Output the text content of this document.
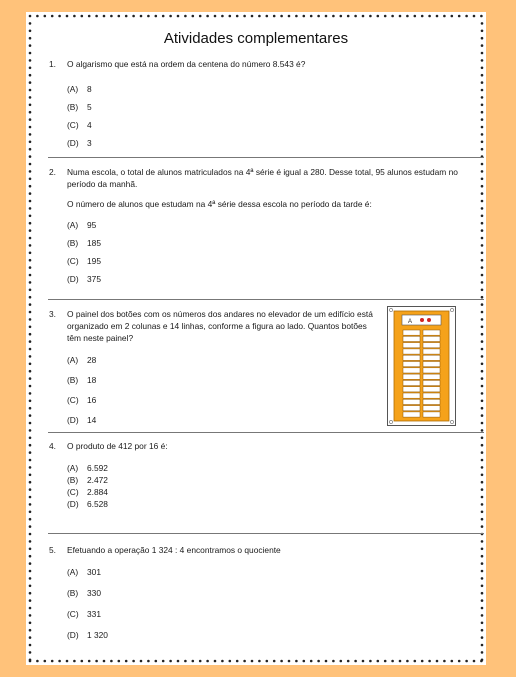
Atividades complementares
1.	O algarismo que está na ordem da centena do número 8.543 é?
(A) 8
(B) 5
(C) 4
(D) 3
2.	Numa escola, o total de alunos matriculados na 4ª série é igual a 280. Desse total, 95 alunos estudam no período da manhã.
O número de alunos que estudam na 4ª série dessa escola no período da tarde é:
(A) 95
(B) 185
(C) 195
(D) 375
3.	O painel dos botões com os números dos andares no elevador de um edifício está organizado em 2 colunas e 14 linhas, conforme a figura ao lado. Quantos botões têm neste painel?
(A) 28
(B) 18
(C) 16
(D) 14
A
4.	O produto de 412 por 16 é:
(A) 6.592
(B) 2.472
(C) 2.884
(D) 6.528
5.	Efetuando a operação 1 324 : 4 encontramos o quociente
(A) 301
(B) 330
(C) 331
(D) 1 320
